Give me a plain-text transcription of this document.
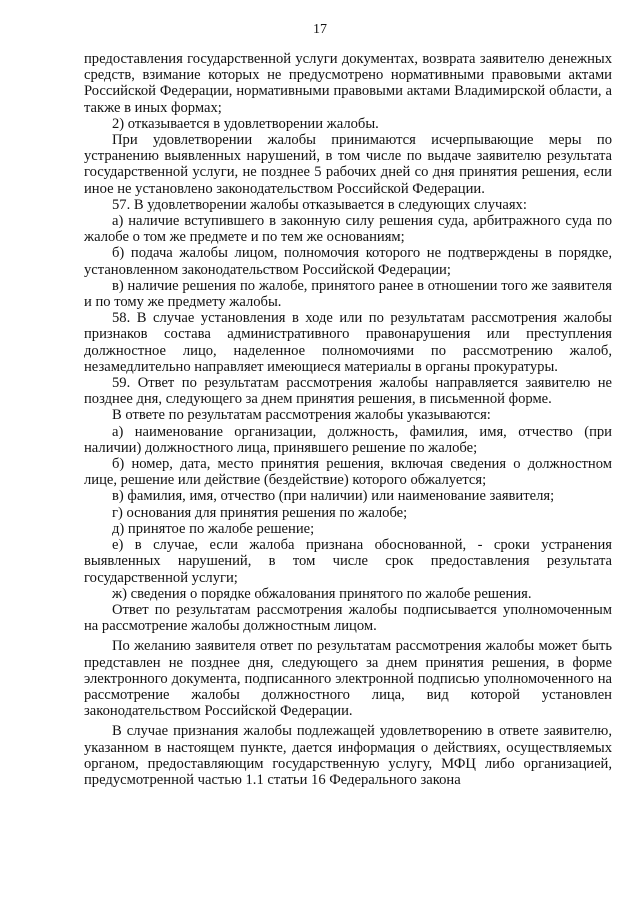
17

предоставления государственной услуги документах, возврата заявителю денежных средств, взимание которых не предусмотрено нормативными правовыми актами Российской Федерации, нормативными правовыми актами Владимирской области, а также в иных формах;

2) отказывается в удовлетворении жалобы.

При удовлетворении жалобы принимаются исчерпывающие меры по устранению выявленных нарушений, в том числе по выдаче заявителю результата государственной услуги, не позднее 5 рабочих дней со дня принятия решения, если иное не установлено законодательством Российской Федерации.

57. В удовлетворении жалобы отказывается в следующих случаях:

а) наличие вступившего в законную силу решения суда, арбитражного суда по жалобе о том же предмете и по тем же основаниям;

б) подача жалобы лицом, полномочия которого не подтверждены в порядке, установленном законодательством Российской Федерации;

в) наличие решения по жалобе, принятого ранее в отношении того же заявителя и по тому же предмету жалобы.

58. В случае установления в ходе или по результатам рассмотрения жалобы признаков состава административного правонарушения или преступления должностное лицо, наделенное полномочиями по рассмотрению жалоб, незамедлительно направляет имеющиеся материалы в органы прокуратуры.

59. Ответ по результатам рассмотрения жалобы направляется заявителю не позднее дня, следующего за днем принятия решения, в письменной форме.

В ответе по результатам рассмотрения жалобы указываются:

а) наименование организации, должность, фамилия, имя, отчество (при наличии) должностного лица, принявшего решение по жалобе;

б) номер, дата, место принятия решения, включая сведения о должностном лице, решение или действие (бездействие) которого обжалуется;

в) фамилия, имя, отчество (при наличии) или наименование заявителя;

г) основания для принятия решения по жалобе;

д) принятое по жалобе решение;

е) в случае, если жалоба признана обоснованной, - сроки устранения выявленных нарушений, в том числе срок предоставления результата государственной услуги;

ж) сведения о порядке обжалования принятого по жалобе решения.

Ответ по результатам рассмотрения жалобы подписывается уполномоченным на рассмотрение жалобы должностным лицом.

По желанию заявителя ответ по результатам рассмотрения жалобы может быть представлен не позднее дня, следующего за днем принятия решения, в форме электронного документа, подписанного электронной подписью уполномоченного на рассмотрение жалобы должностного лица, вид которой установлен законодательством Российской Федерации.

В случае признания жалобы подлежащей удовлетворению в ответе заявителю, указанном в настоящем пункте, дается информация о действиях, осуществляемых органом, предоставляющим государственную услугу, МФЦ либо организацией, предусмотренной частью 1.1 статьи 16 Федерального закона
